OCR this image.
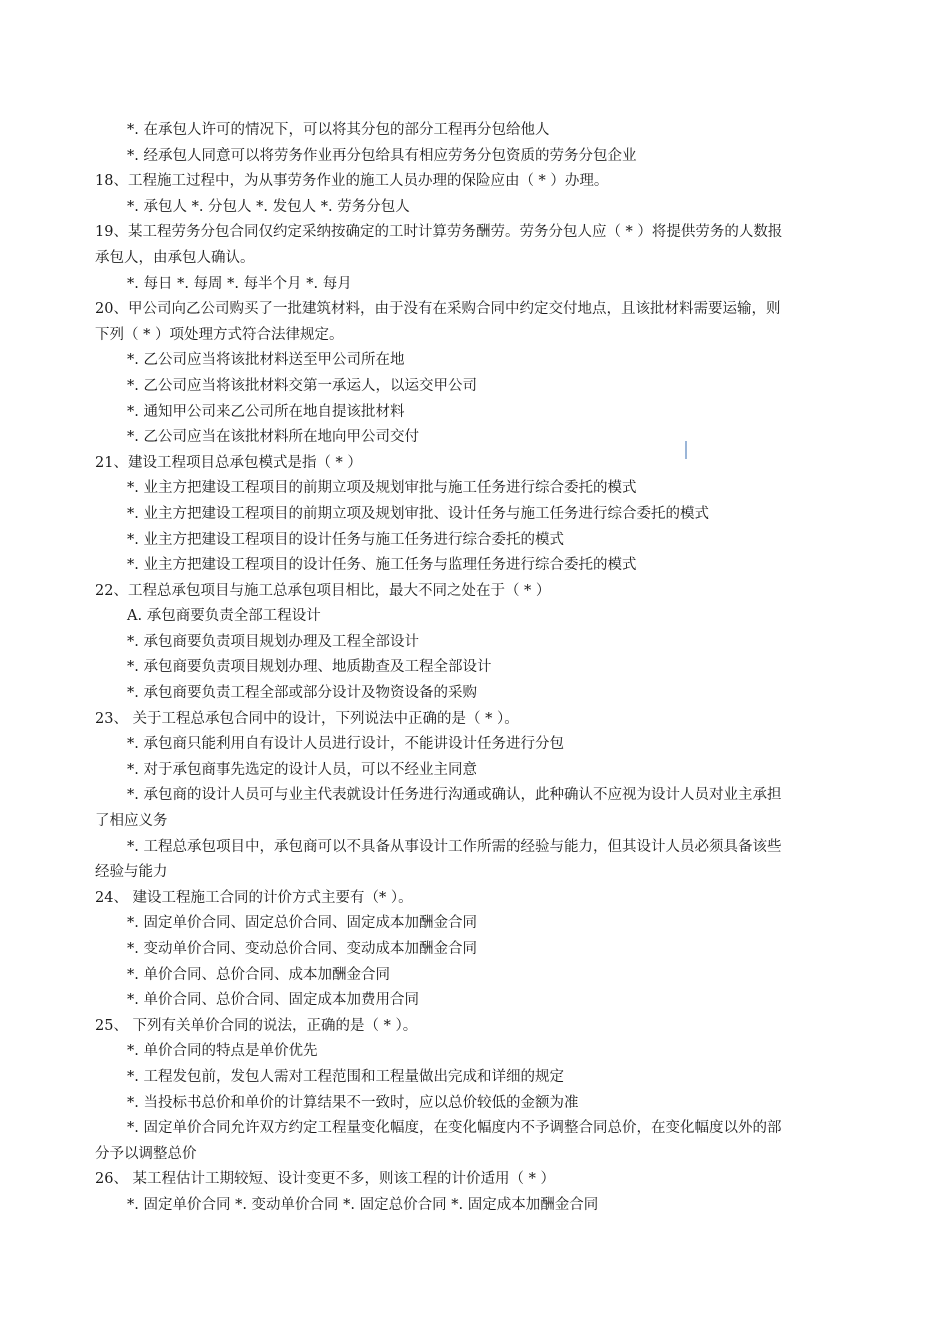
*. 在承包人许可的情况下，可以将其分包的部分工程再分包给他人
*. 经承包人同意可以将劳务作业再分包给具有相应劳务分包资质的劳务分包企业
18、工程施工过程中，为从事劳务作业的施工人员办理的保险应由（ * ）办理。
*. 承包人 *. 分包人 *. 发包人 *. 劳务分包人
19、某工程劳务分包合同仅约定采纳按确定的工时计算劳务酬劳。劳务分包人应（ * ）将提供劳务的人数报
承包人，由承包人确认。
*. 每日 *. 每周 *. 每半个月 *. 每月
20、甲公司向乙公司购买了一批建筑材料，由于没有在采购合同中约定交付地点，且该批材料需要运输，则
下列（ * ）项处理方式符合法律规定。
*. 乙公司应当将该批材料送至甲公司所在地
*. 乙公司应当将该批材料交第一承运人，以运交甲公司
*. 通知甲公司来乙公司所在地自提该批材料
*. 乙公司应当在该批材料所在地向甲公司交付
21、建设工程项目总承包模式是指（ * ）
*. 业主方把建设工程项目的前期立项及规划审批与施工任务进行综合委托的模式
*. 业主方把建设工程项目的前期立项及规划审批、设计任务与施工任务进行综合委托的模式
*. 业主方把建设工程项目的设计任务与施工任务进行综合委托的模式
*. 业主方把建设工程项目的设计任务、施工任务与监理任务进行综合委托的模式
22、工程总承包项目与施工总承包项目相比，最大不同之处在于（ * ）
A. 承包商要负责全部工程设计
*. 承包商要负责项目规划办理及工程全部设计
*. 承包商要负责项目规划办理、地质勘查及工程全部设计
*. 承包商要负责工程全部或部分设计及物资设备的采购
23、 关于工程总承包合同中的设计，下列说法中正确的是（ * ）。
*. 承包商只能利用自有设计人员进行设计，不能讲设计任务进行分包
*. 对于承包商事先选定的设计人员，可以不经业主同意
*. 承包商的设计人员可与业主代表就设计任务进行沟通或确认，此种确认不应视为设计人员对业主承担
了相应义务
*. 工程总承包项目中，承包商可以不具备从事设计工作所需的经验与能力，但其设计人员必须具备该些
经验与能力
24、 建设工程施工合同的计价方式主要有（* ）。
*. 固定单价合同、固定总价合同、固定成本加酬金合同
*. 变动单价合同、变动总价合同、变动成本加酬金合同
*. 单价合同、总价合同、成本加酬金合同
*. 单价合同、总价合同、固定成本加费用合同
25、 下列有关单价合同的说法，正确的是（ * ）。
*. 单价合同的特点是单价优先
*. 工程发包前，发包人需对工程范围和工程量做出完成和详细的规定
*. 当投标书总价和单价的计算结果不一致时，应以总价较低的金额为准
*. 固定单价合同允许双方约定工程量变化幅度，在变化幅度内不予调整合同总价，在变化幅度以外的部
分予以调整总价
26、 某工程估计工期较短、设计变更不多，则该工程的计价适用（ * ）
*. 固定单价合同 *. 变动单价合同 *. 固定总价合同 *. 固定成本加酬金合同
